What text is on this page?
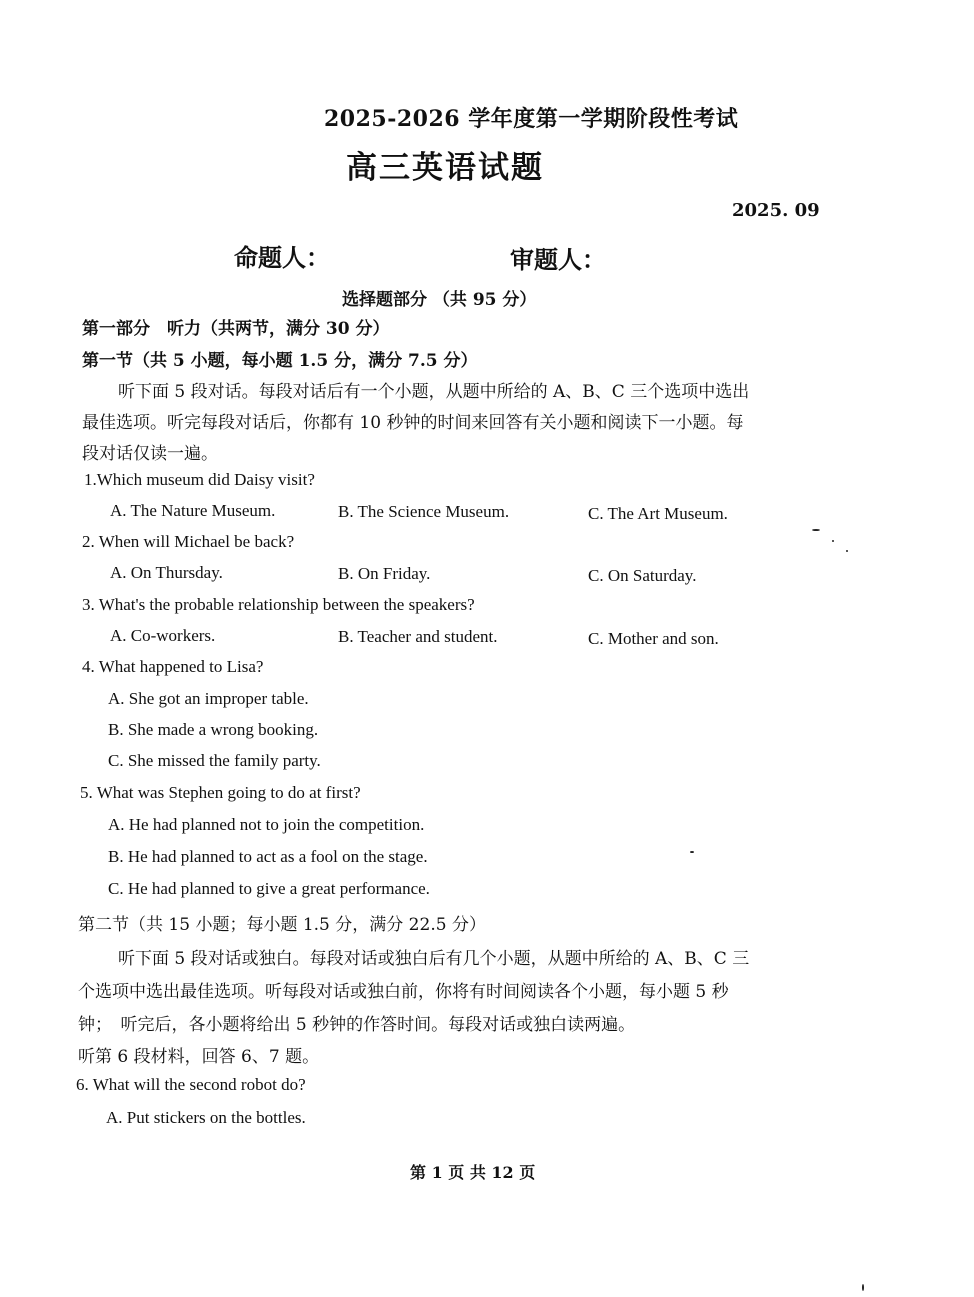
2025-2026 学年度第一学期阶段性考试
高三英语试题
2025. 09
命题人：	审题人：
选择题部分 （共 95 分）
第一部分　听力（共两节，满分 30 分）
第一节（共 5 小题，每小题 1.5 分，满分 7.5 分）
听下面 5 段对话。每段对话后有一个小题，从题中所给的 A、B、C 三个选项中选出
最佳选项。听完每段对话后，你都有 10 秒钟的时间来回答有关小题和阅读下一小题。每
段对话仅读一遍。
1.Which museum did Daisy visit?
A. The Nature Museum.	B. The Science Museum.	C. The Art Museum.
2. When will Michael be back?
A. On Thursday.	B. On Friday.	C. On Saturday.
3. What's the probable relationship between the speakers?
A. Co-workers.	B. Teacher and student.	C. Mother and son.
4. What happened to Lisa?
A. She got an improper table.
B. She made a wrong booking.
C. She missed the family party.
5. What was Stephen going to do at first?
A. He had planned not to join the competition.
B. He had planned to act as a fool on the stage.
C. He had planned to give a great performance.
第二节（共 15 小题；每小题 1.5 分，满分 22.5 分）
听下面 5 段对话或独白。每段对话或独白后有几个小题，从题中所给的 A、B、C 三
个选项中选出最佳选项。听每段对话或独白前，你将有时间阅读各个小题，每小题 5 秒
钟；　听完后，各小题将给出 5 秒钟的作答时间。每段对话或独白读两遍。
听第 6 段材料，回答 6、7 题。
6. What will the second robot do?
A. Put stickers on the bottles.
第 1 页 共 12 页
